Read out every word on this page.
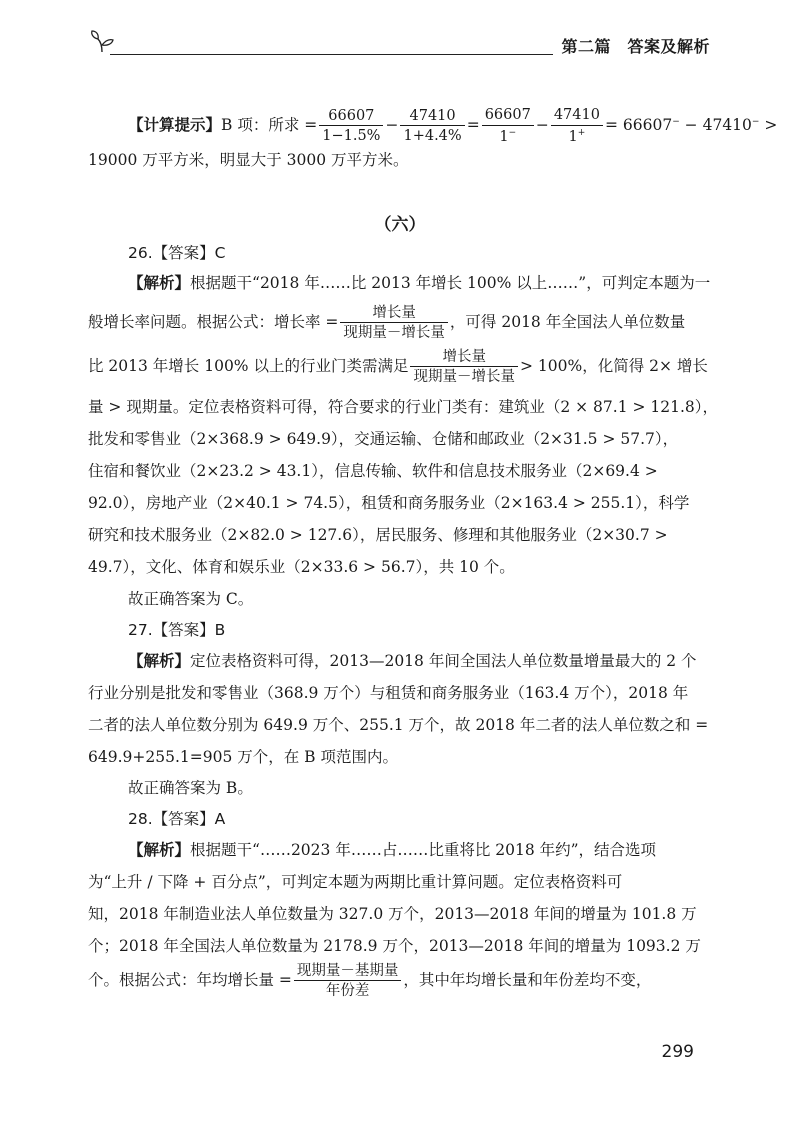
第二篇　答案及解析
【计算提示】B 项：所求 = $\frac{66607}{1-1.5\%} - \frac{47410}{1+4.4\%} = \frac{66607}{1^-} - \frac{47410}{1^+} = 66607^- - 47410^-$ >
19000 万平方米，明显大于 3000 万平方米。
（六）
26.【答案】C
【解析】根据题干“2018 年……比 2013 年增长 100% 以上……”，可判定本题为一
般增长率问题。根据公式：增长率 = $\frac{\text{增长量}}{\text{现期量－增长量}}$ ，可得 2018 年全国法人单位数量
比 2013 年增长 100% 以上的行业门类需满足 $\frac{\text{增长量}}{\text{现期量－增长量}} > 100\%$，化简得 2× 增长
量 > 现期量。定位表格资料可得，符合要求的行业门类有：建筑业（2 × 87.1 > 121.8），
批发和零售业（2×368.9 > 649.9），交通运输、仓储和邮政业（2×31.5 > 57.7），
住宿和餐饮业（2×23.2 > 43.1），信息传输、软件和信息技术服务业（2×69.4 >
92.0），房地产业（2×40.1 > 74.5），租赁和商务服务业（2×163.4 > 255.1），科学
研究和技术服务业（2×82.0 > 127.6），居民服务、修理和其他服务业（2×30.7 >
49.7），文化、体育和娱乐业（2×33.6 > 56.7），共 10 个。
故正确答案为 C。
27.【答案】B
【解析】定位表格资料可得，2013—2018 年间全国法人单位数量增量最大的 2 个
行业分别是批发和零售业（368.9 万个）与租赁和商务服务业（163.4 万个），2018 年
二者的法人单位数分别为 649.9 万个、255.1 万个，故 2018 年二者的法人单位数之和 =
649.9+255.1=905 万个，在 B 项范围内。
故正确答案为 B。
28.【答案】A
【解析】根据题干“……2023 年……占……比重将比 2018 年约”，结合选项
为“上升 / 下降 + 百分点”，可判定本题为两期比重计算问题。定位表格资料可
知，2018 年制造业法人单位数量为 327.0 万个，2013—2018 年间的增量为 101.8 万
个；2018 年全国法人单位数量为 2178.9 万个，2013—2018 年间的增量为 1093.2 万
个。根据公式：年均增长量 = $\frac{\text{现期量－基期量}}{\text{年份差}}$ ，其中年均增长量和年份差均不变，
299
